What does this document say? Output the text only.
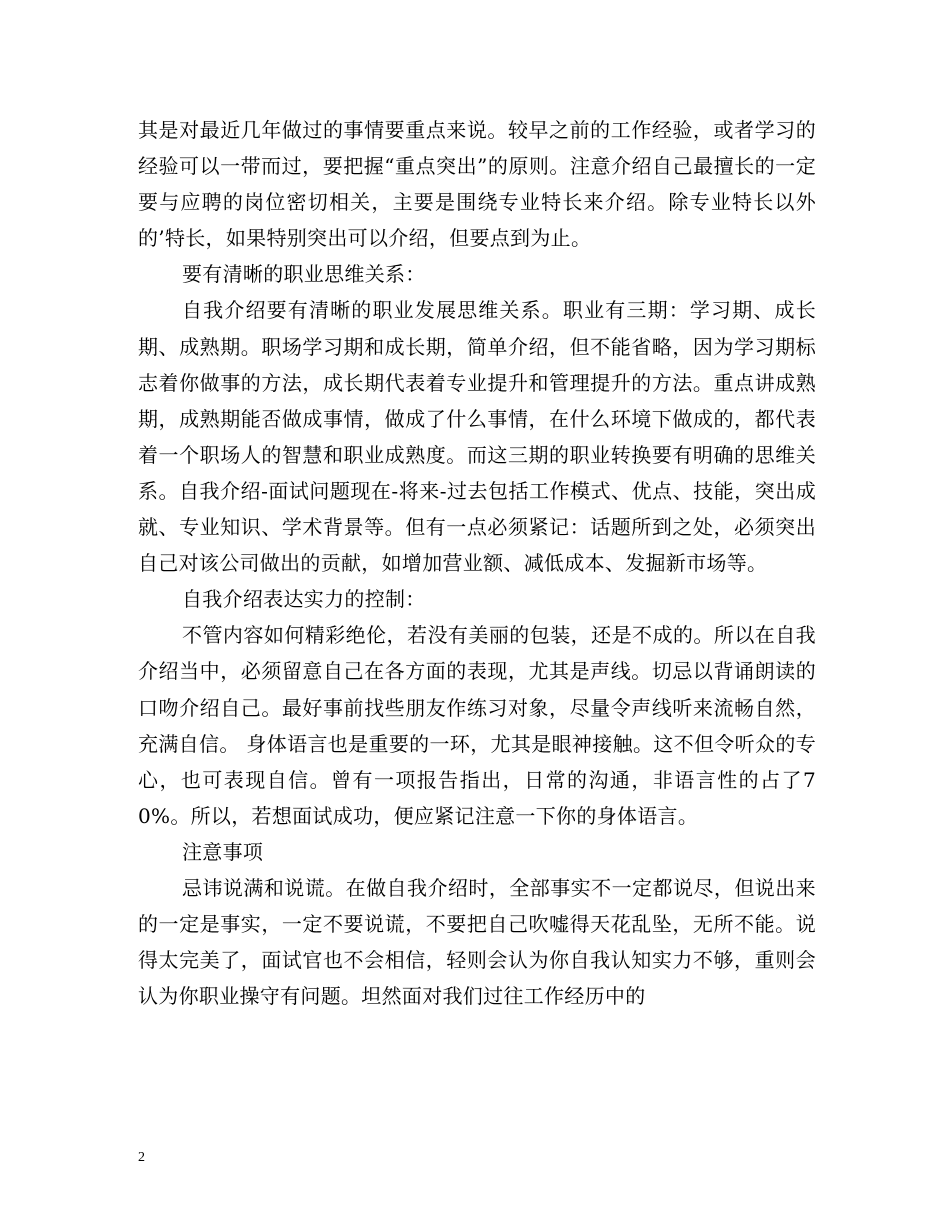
其是对最近几年做过的事情要重点来说。较早之前的工作经验，或者学习的经验可以一带而过，要把握“重点突出”的原则。注意介绍自己最擅长的一定要与应聘的岗位密切相关，主要是围绕专业特长来介绍。除专业特长以外的’特长，如果特别突出可以介绍，但要点到为止。

要有清晰的职业思维关系：

自我介绍要有清晰的职业发展思维关系。职业有三期：学习期、成长期、成熟期。职场学习期和成长期，简单介绍，但不能省略，因为学习期标志着你做事的方法，成长期代表着专业提升和管理提升的方法。重点讲成熟期，成熟期能否做成事情，做成了什么事情，在什么环境下做成的，都代表着一个职场人的智慧和职业成熟度。而这三期的职业转换要有明确的思维关系。自我介绍-面试问题现在-将来-过去包括工作模式、优点、技能，突出成就、专业知识、学术背景等。但有一点必须紧记：话题所到之处，必须突出自己对该公司做出的贡献，如增加营业额、减低成本、发掘新市场等。

自我介绍表达实力的控制：

不管内容如何精彩绝伦，若没有美丽的包装，还是不成的。所以在自我介绍当中，必须留意自己在各方面的表现，尤其是声线。切忌以背诵朗读的口吻介绍自己。最好事前找些朋友作练习对象，尽量令声线听来流畅自然，充满自信。 身体语言也是重要的一环，尤其是眼神接触。这不但令听众的专心，也可表现自信。曾有一项报告指出，日常的沟通，非语言性的占了70%。所以，若想面试成功，便应紧记注意一下你的身体语言。

注意事项

忌讳说满和说谎。在做自我介绍时，全部事实不一定都说尽，但说出来的一定是事实，一定不要说谎，不要把自己吹嘘得天花乱坠，无所不能。说得太完美了，面试官也不会相信，轻则会认为你自我认知实力不够，重则会认为你职业操守有问题。坦然面对我们过往工作经历中的

2
